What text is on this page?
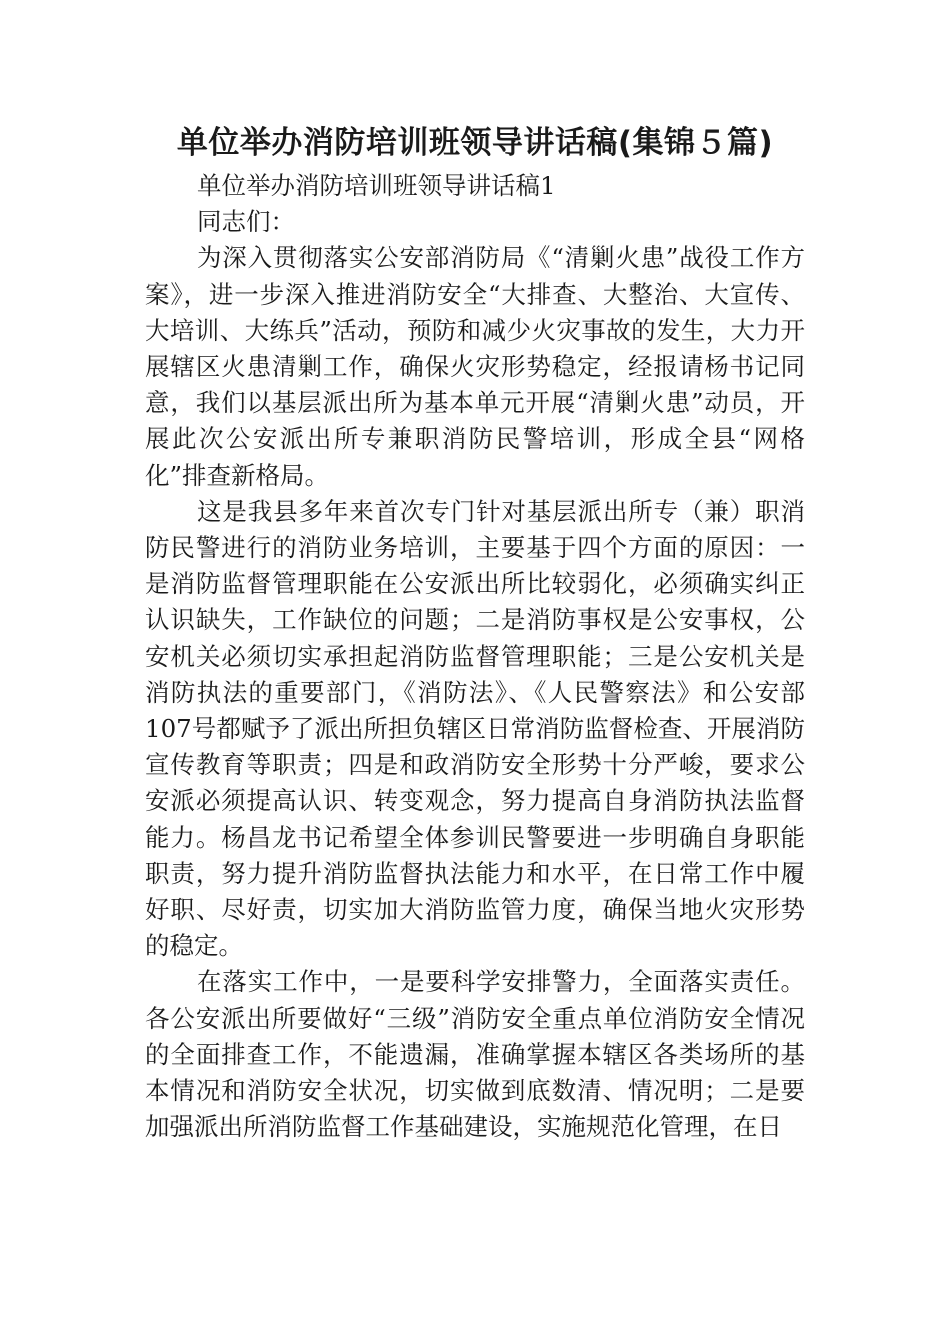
单位举办消防培训班领导讲话稿(集锦５篇)

单位举办消防培训班领导讲话稿1

同志们：

为深入贯彻落实公安部消防局《“清剿火患”战役工作方案》，进一步深入推进消防安全“大排查、大整治、大宣传、大培训、大练兵”活动，预防和减少火灾事故的发生，大力开展辖区火患清剿工作，确保火灾形势稳定，经报请杨书记同意，我们以基层派出所为基本单元开展“清剿火患”动员，开展此次公安派出所专兼职消防民警培训，形成全县“网格化”排查新格局。

这是我县多年来首次专门针对基层派出所专（兼）职消防民警进行的消防业务培训，主要基于四个方面的原因：一是消防监督管理职能在公安派出所比较弱化，必须确实纠正认识缺失，工作缺位的问题；二是消防事权是公安事权，公安机关必须切实承担起消防监督管理职能；三是公安机关是消防执法的重要部门，《消防法》、《人民警察法》和公安部107号都赋予了派出所担负辖区日常消防监督检查、开展消防宣传教育等职责；四是和政消防安全形势十分严峻，要求公安派必须提高认识、转变观念，努力提高自身消防执法监督能力。杨昌龙书记希望全体参训民警要进一步明确自身职能职责，努力提升消防监督执法能力和水平，在日常工作中履好职、尽好责，切实加大消防监管力度，确保当地火灾形势的稳定。

在落实工作中，一是要科学安排警力，全面落实责任。各公安派出所要做好“三级”消防安全重点单位消防安全情况的全面排查工作，不能遗漏，准确掌握本辖区各类场所的基本情况和消防安全状况，切实做到底数清、情况明；二是要加强派出所消防监督工作基础建设，实施规范化管理，在日
